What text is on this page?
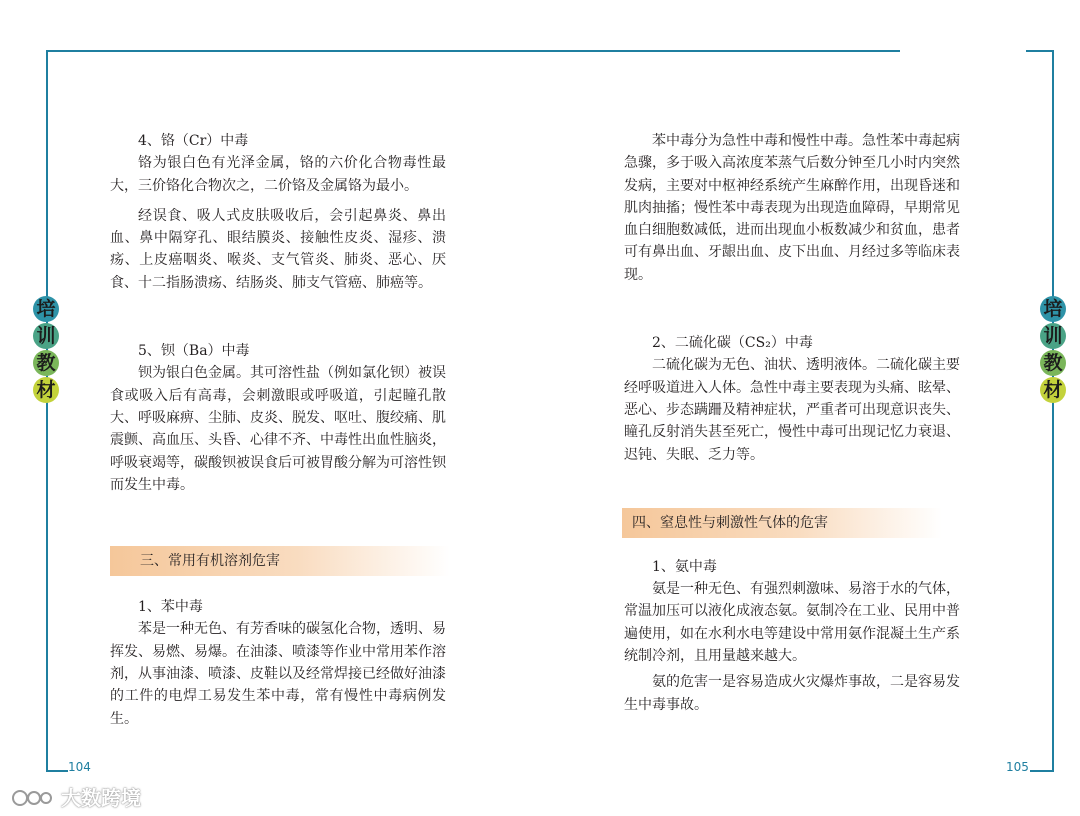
培
训
教
材
培
训
教
材

4、铬（Cr）中毒

铬为银白色有光泽金属，铬的六价化合物毒性最大，三价铬化合物次之，二价铬及金属铬为最小。

经误食、吸人式皮肤吸收后，会引起鼻炎、鼻出血、鼻中隔穿孔、眼结膜炎、接触性皮炎、湿疹、溃疡、上皮癌咽炎、喉炎、支气管炎、肺炎、恶心、厌食、十二指肠溃疡、结肠炎、肺支气管癌、肺癌等。

5、钡（Ba）中毒

钡为银白色金属。其可溶性盐（例如氯化钡）被误食或吸入后有高毒，会刺激眼或呼吸道，引起瞳孔散大、呼吸麻痹、尘肺、皮炎、脱发、呕吐、腹绞痛、肌震颤、高血压、头昏、心律不齐、中毒性出血性脑炎，呼吸衰竭等，碳酸钡被误食后可被胃酸分解为可溶性钡而发生中毒。

三、常用有机溶剂危害

1、苯中毒

苯是一种无色、有芳香味的碳氢化合物，透明、易挥发、易燃、易爆。在油漆、喷漆等作业中常用苯作溶剂，从事油漆、喷漆、皮鞋以及经常焊接已经做好油漆的工件的电焊工易发生苯中毒，常有慢性中毒病例发生。

苯中毒分为急性中毒和慢性中毒。急性苯中毒起病急骤，多于吸入高浓度苯蒸气后数分钟至几小时内突然发病，主要对中枢神经系统产生麻醉作用，出现昏迷和肌肉抽搐；慢性苯中毒表现为出现造血障碍，早期常见血白细胞数减低，进而出现血小板数减少和贫血，患者可有鼻出血、牙龈出血、皮下出血、月经过多等临床表现。

2、二硫化碳（CS₂）中毒

二硫化碳为无色、油状、透明液体。二硫化碳主要经呼吸道进入人体。急性中毒主要表现为头痛、眩晕、恶心、步态蹒跚及精神症状，严重者可出现意识丧失、瞳孔反射消失甚至死亡，慢性中毒可出现记忆力衰退、迟钝、失眠、乏力等。

四、窒息性与刺激性气体的危害

1、氨中毒

氨是一种无色、有强烈刺激味、易溶于水的气体，常温加压可以液化成液态氨。氨制冷在工业、民用中普遍使用，如在水利水电等建设中常用氨作混凝土生产系统制冷剂，且用量越来越大。

氨的危害一是容易造成火灾爆炸事故，二是容易发生中毒事故。

104	105
大数跨境
